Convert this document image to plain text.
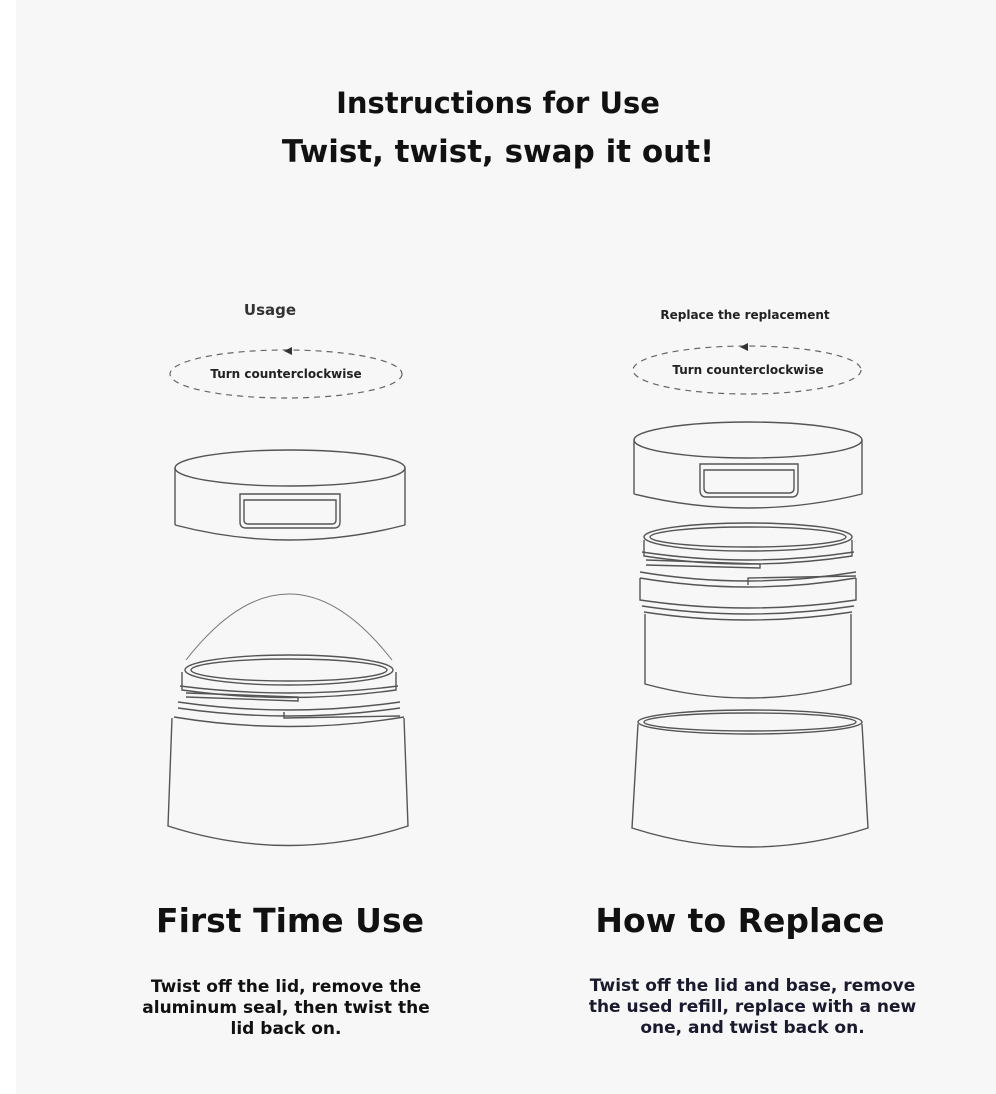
Instructions for Use
Twist, twist, swap it out!
Usage	Replace the replacement
Turn counterclockwise	Turn counterclockwise
First Time Use	How to Replace
Twist off the lid, remove the aluminum seal, then twist the lid back on.
Twist off the lid and base, remove the used refill, replace with a new one, and twist back on.
